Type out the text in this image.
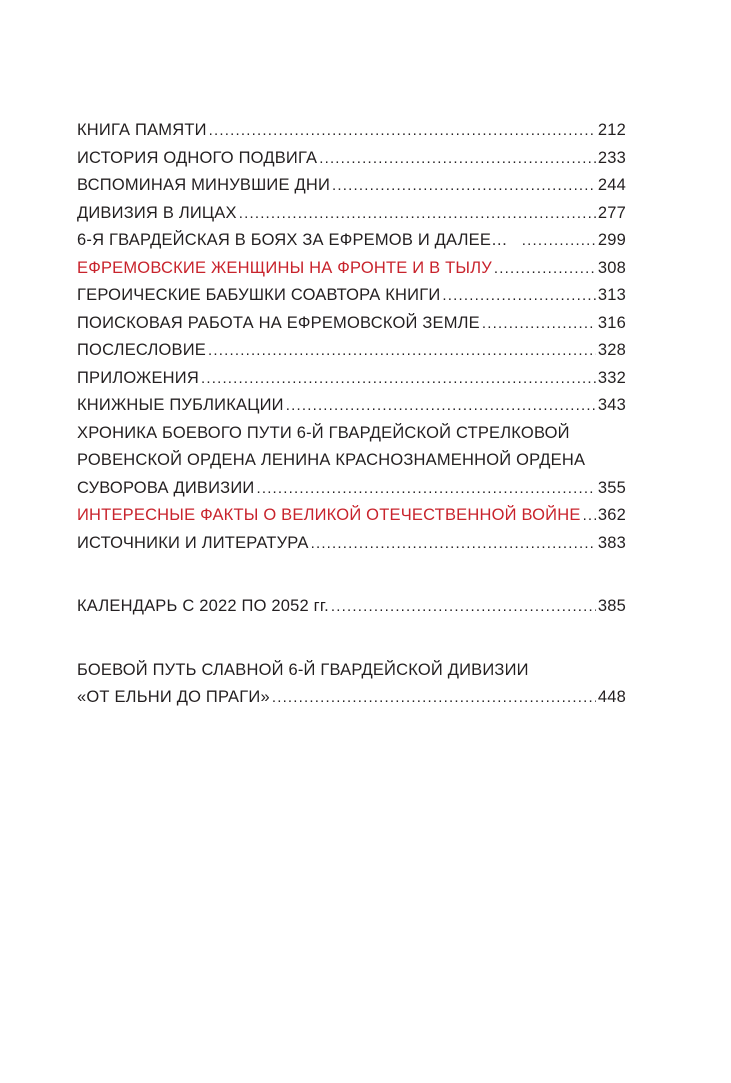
КНИГА ПАМЯТИ .....	212
ИСТОРИЯ ОДНОГО ПОДВИГА .....	233
ВСПОМИНАЯ МИНУВШИЕ ДНИ .....	244
ДИВИЗИЯ В ЛИЦАХ .....	277
6-Я ГВАРДЕЙСКАЯ В БОЯХ ЗА ЕФРЕМОВ И ДАЛЕЕ… .....	299
ЕФРЕМОВСКИЕ ЖЕНЩИНЫ НА ФРОНТЕ И В ТЫЛУ .....	308
ГЕРОИЧЕСКИЕ БАБУШКИ СОАВТОРА КНИГИ .....	313
ПОИСКОВАЯ РАБОТА НА ЕФРЕМОВСКОЙ ЗЕМЛЕ .....	316
ПОСЛЕСЛОВИЕ .....	328
ПРИЛОЖЕНИЯ .....	332
КНИЖНЫЕ ПУБЛИКАЦИИ .....	343
ХРОНИКА БОЕВОГО ПУТИ 6-Й ГВАРДЕЙСКОЙ СТРЕЛКОВОЙ
РОВЕНСКОЙ ОРДЕНА ЛЕНИНА КРАСНОЗНАМЕННОЙ ОРДЕНА
СУВОРОВА ДИВИЗИИ .....	355
ИНТЕРЕСНЫЕ ФАКТЫ О ВЕЛИКОЙ ОТЕЧЕСТВЕННОЙ ВОЙНЕ ..... 362
ИСТОЧНИКИ И ЛИТЕРАТУРА .....	383
КАЛЕНДАРЬ С 2022 ПО 2052 гг. .....	385
БОЕВОЙ ПУТЬ СЛАВНОЙ 6-Й ГВАРДЕЙСКОЙ ДИВИЗИИ
«ОТ ЕЛЬНИ ДО ПРАГИ» .....	448
